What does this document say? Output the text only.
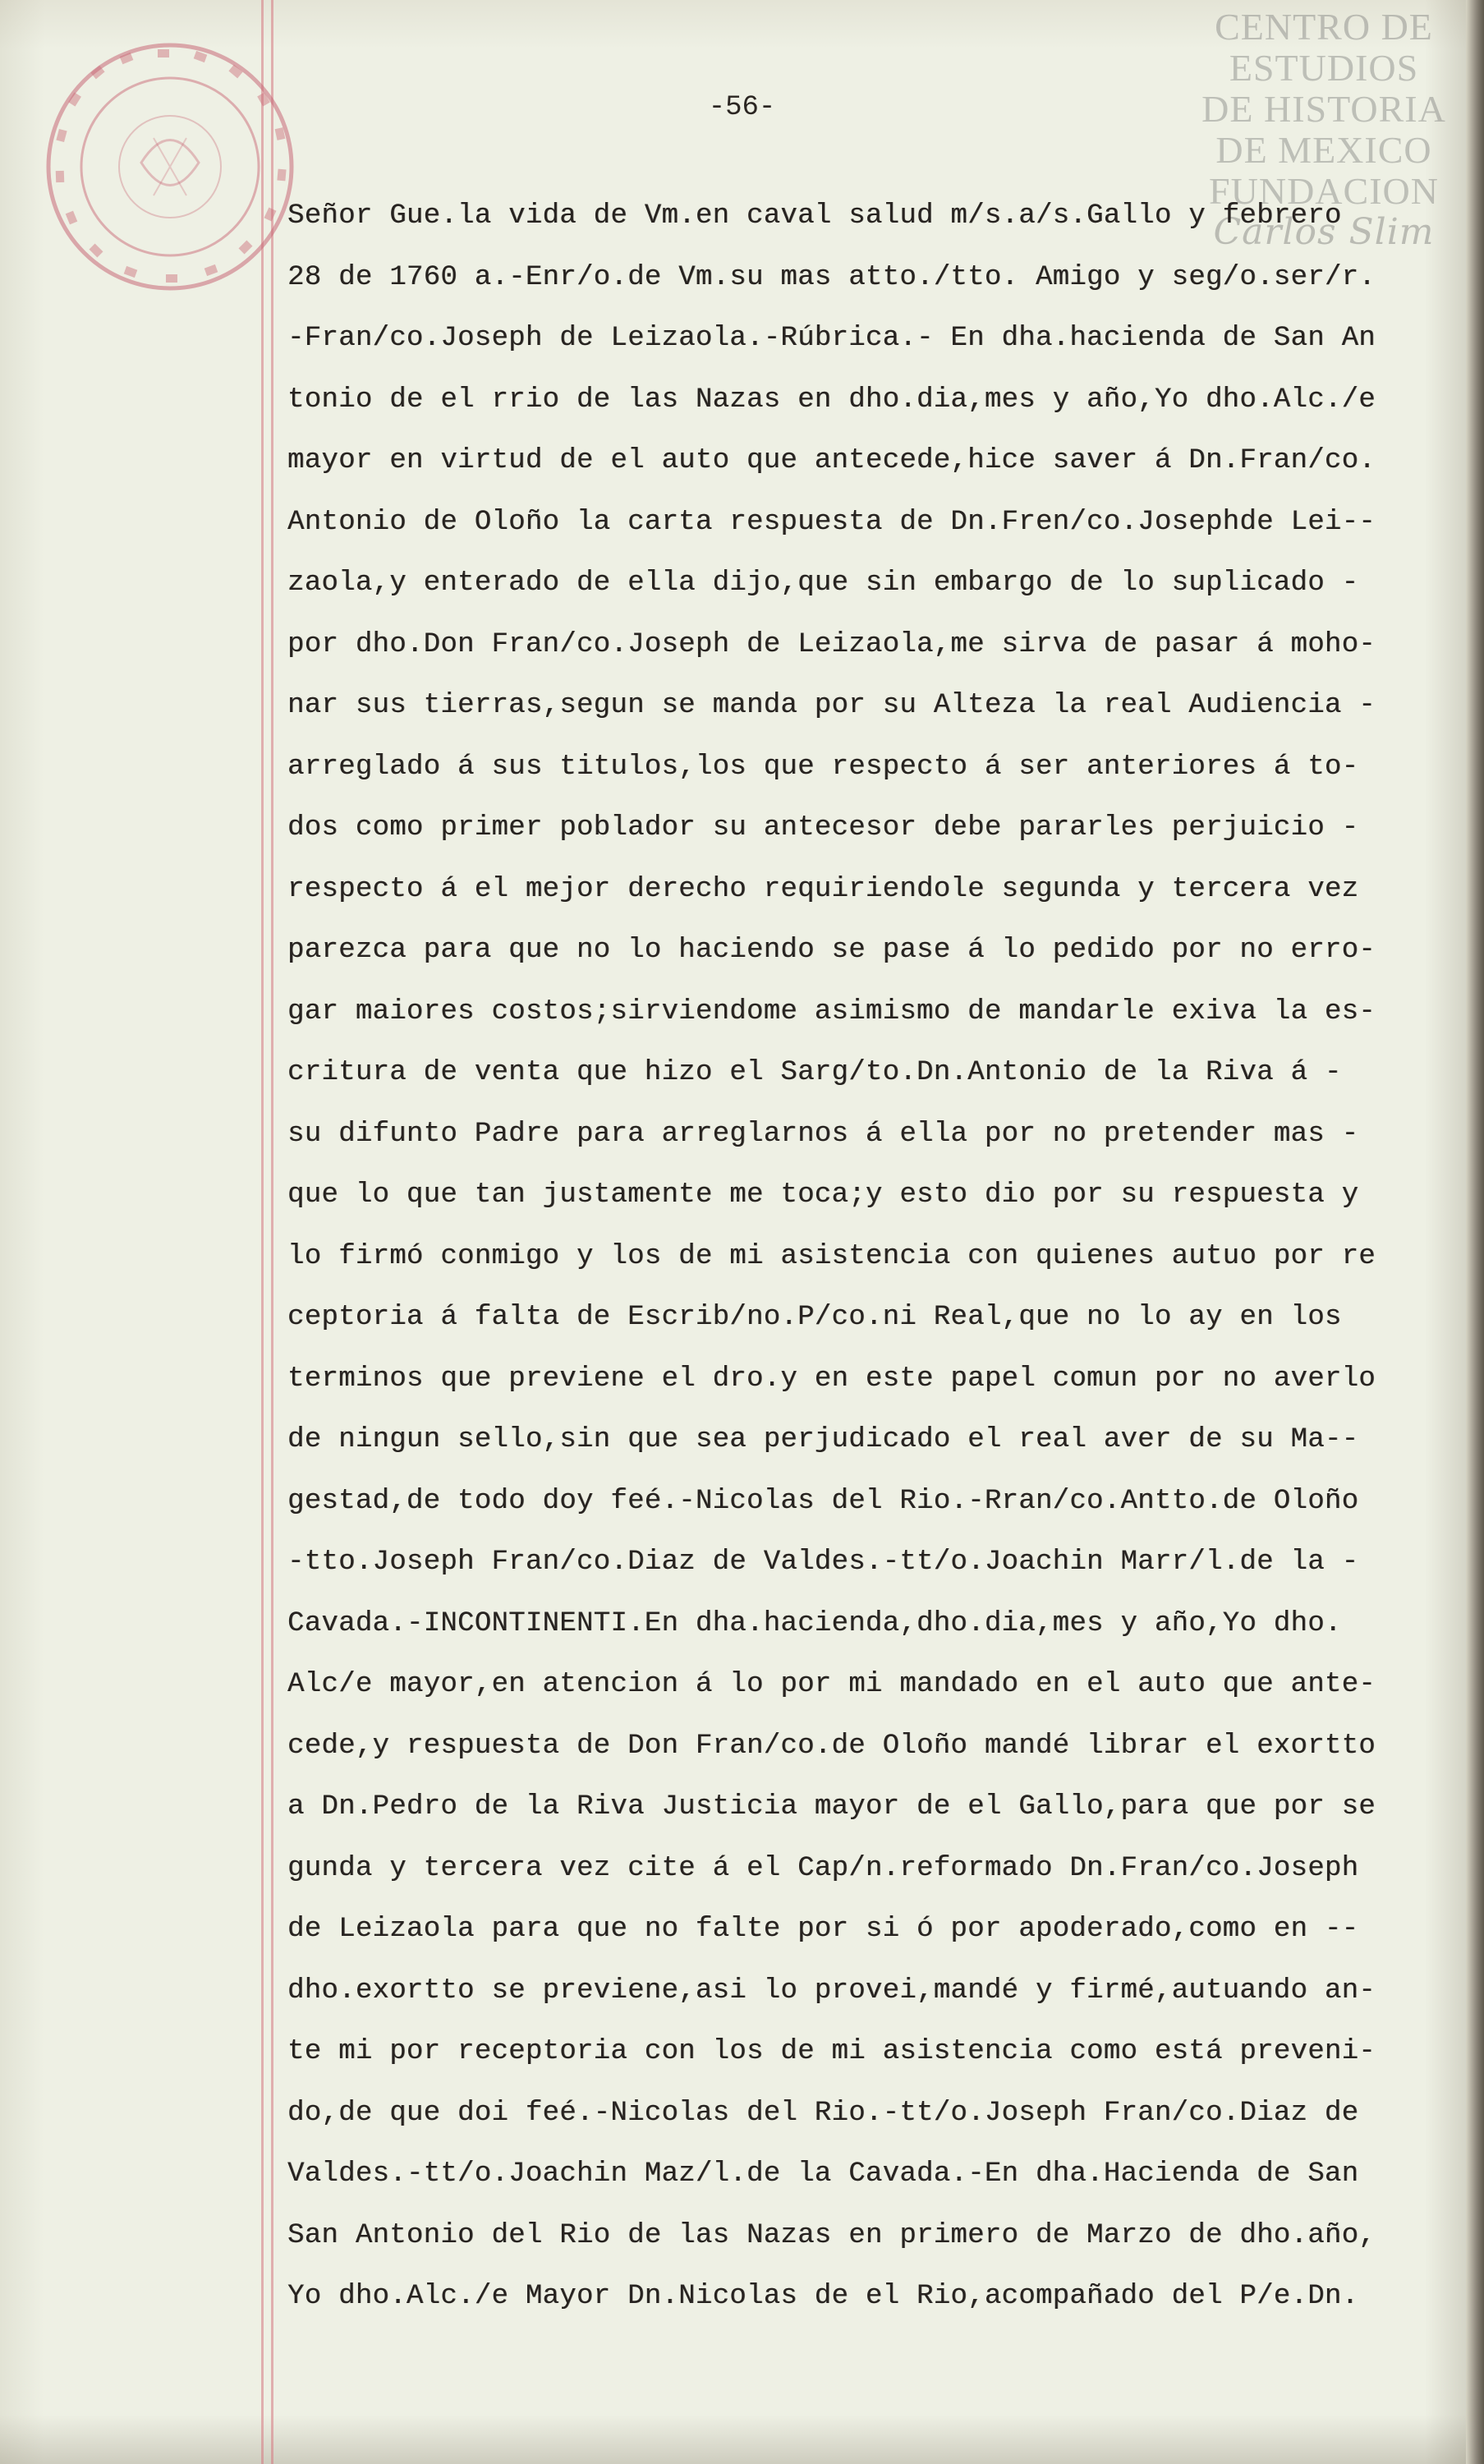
CENTRO DE
ESTUDIOS
DE HISTORIA
DE MEXICO
FUNDACION
Carlos Slim
-56-
Señor Gue.la vida de Vm.en caval salud m/s.a/s.Gallo y febrero
28 de 1760 a.-Enr/o.de Vm.su mas atto./tto. Amigo y seg/o.ser/r.
-Fran/co.Joseph de Leizaola.-Rúbrica.- En dha.hacienda de San An
tonio de el rrio de las Nazas en dho.dia,mes y año,Yo dho.Alc./e
mayor en virtud de el auto que antecede,hice saver á Dn.Fran/co.
Antonio de Oloño la carta respuesta de Dn.Fren/co.Josephde Lei--
zaola,y enterado de ella dijo,que sin embargo de lo suplicado -
por dho.Don Fran/co.Joseph de Leizaola,me sirva de pasar á moho-
nar sus tierras,segun se manda por su Alteza la real Audiencia -
arreglado á sus titulos,los que respecto á ser anteriores á to-
dos como primer poblador su antecesor debe pararles perjuicio -
respecto á el mejor derecho requiriendole segunda y tercera vez
parezca para que no lo haciendo se pase á lo pedido por no erro-
gar maiores costos;sirviendome asimismo de mandarle exiva la es-
critura de venta que hizo el Sarg/to.Dn.Antonio de la Riva á -
su difunto Padre para arreglarnos á ella por no pretender mas -
que lo que tan justamente me toca;y esto dio por su respuesta y
lo firmó conmigo y los de mi asistencia con quienes autuo por re
ceptoria á falta de Escrib/no.P/co.ni Real,que no lo ay en los
terminos que previene el dro.y en este papel comun por no averlo
de ningun sello,sin que sea perjudicado el real aver de su Ma--
gestad,de todo doy feé.-Nicolas del Rio.-Rran/co.Antto.de Oloño
-tto.Joseph Fran/co.Diaz de Valdes.-tt/o.Joachin Marr/l.de la -
Cavada.-INCONTINENTI.En dha.hacienda,dho.dia,mes y año,Yo dho.
Alc/e mayor,en atencion á lo por mi mandado en el auto que ante-
cede,y respuesta de Don Fran/co.de Oloño mandé librar el exortto
a Dn.Pedro de la Riva Justicia mayor de el Gallo,para que por se
gunda y tercera vez cite á el Cap/n.reformado Dn.Fran/co.Joseph
de Leizaola para que no falte por si ó por apoderado,como en --
dho.exortto se previene,asi lo provei,mandé y firmé,autuando an-
te mi por receptoria con los de mi asistencia como está preveni-
do,de que doi feé.-Nicolas del Rio.-tt/o.Joseph Fran/co.Diaz de
Valdes.-tt/o.Joachin Maz/l.de la Cavada.-En dha.Hacienda de San
San Antonio del Rio de las Nazas en primero de Marzo de dho.año,
Yo dho.Alc./e Mayor Dn.Nicolas de el Rio,acompañado del P/e.Dn.
